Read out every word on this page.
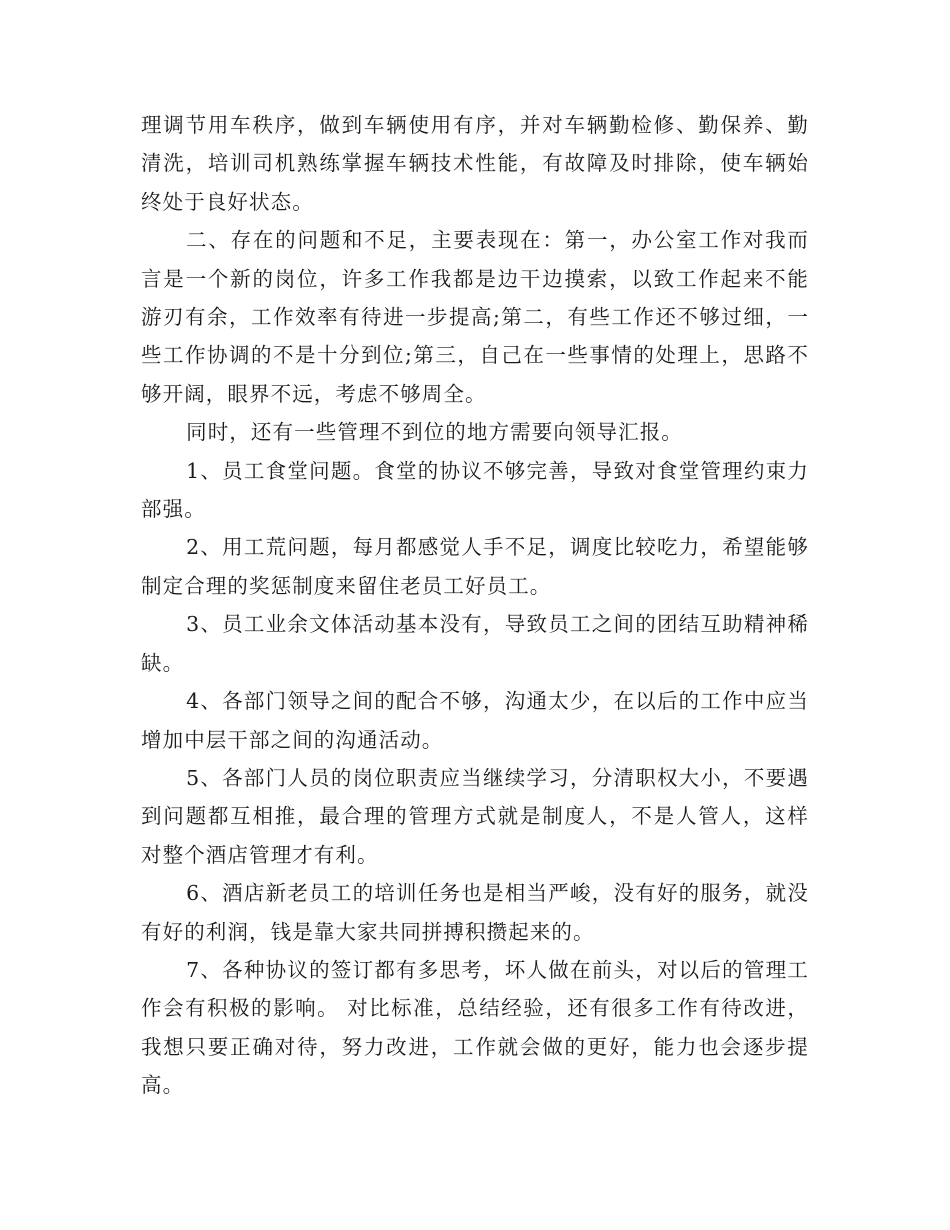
理调节用车秩序，做到车辆使用有序，并对车辆勤检修、勤保养、勤清洗，培训司机熟练掌握车辆技术性能，有故障及时排除，使车辆始终处于良好状态。

二、存在的问题和不足，主要表现在：第一，办公室工作对我而言是一个新的岗位，许多工作我都是边干边摸索，以致工作起来不能游刃有余，工作效率有待进一步提高;第二，有些工作还不够过细，一些工作协调的不是十分到位;第三，自己在一些事情的处理上，思路不够开阔，眼界不远，考虑不够周全。

同时，还有一些管理不到位的地方需要向领导汇报。

1、员工食堂问题。食堂的协议不够完善，导致对食堂管理约束力部强。

2、用工荒问题，每月都感觉人手不足，调度比较吃力，希望能够制定合理的奖惩制度来留住老员工好员工。

3、员工业余文体活动基本没有，导致员工之间的团结互助精神稀缺。

4、各部门领导之间的配合不够，沟通太少，在以后的工作中应当增加中层干部之间的沟通活动。

5、各部门人员的岗位职责应当继续学习，分清职权大小，不要遇到问题都互相推，最合理的管理方式就是制度人，不是人管人，这样对整个酒店管理才有利。

6、酒店新老员工的培训任务也是相当严峻，没有好的服务，就没有好的利润，钱是靠大家共同拼搏积攒起来的。

7、各种协议的签订都有多思考，坏人做在前头，对以后的管理工作会有积极的影响。 对比标准，总结经验，还有很多工作有待改进，我想只要正确对待，努力改进，工作就会做的更好，能力也会逐步提高。
